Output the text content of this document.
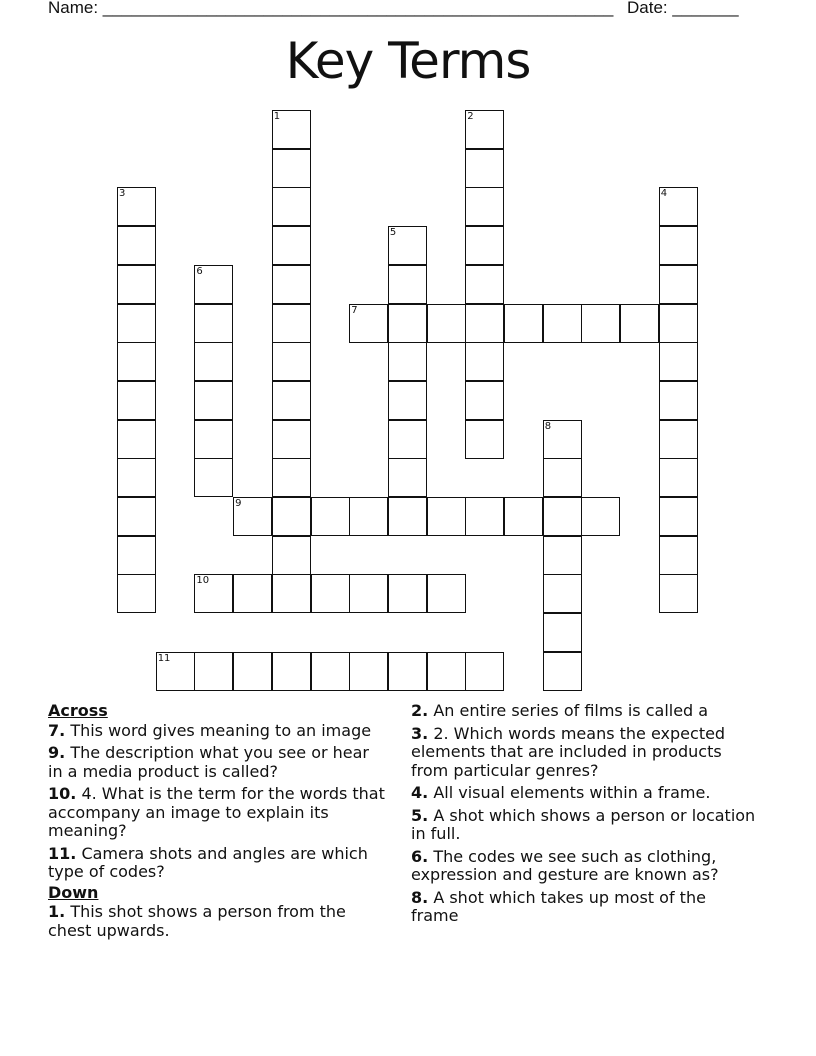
Name: ______________________________________________________ Date: _______
Key Terms
1	2
3	4
5
6
7
8
9
10
11
Across
7. This word gives meaning to an image
9. The description what you see or hear in a media product is called?
10. 4. What is the term for the words that accompany an image to explain its meaning?
11. Camera shots and angles are which type of codes?
Down
1. This shot shows a person from the chest upwards.
2. An entire series of films is called a
3. 2. Which words means the expected elements that are included in products from particular genres?
4. All visual elements within a frame.
5. A shot which shows a person or location in full.
6. The codes we see such as clothing, expression and gesture are known as?
8. A shot which takes up most of the frame
